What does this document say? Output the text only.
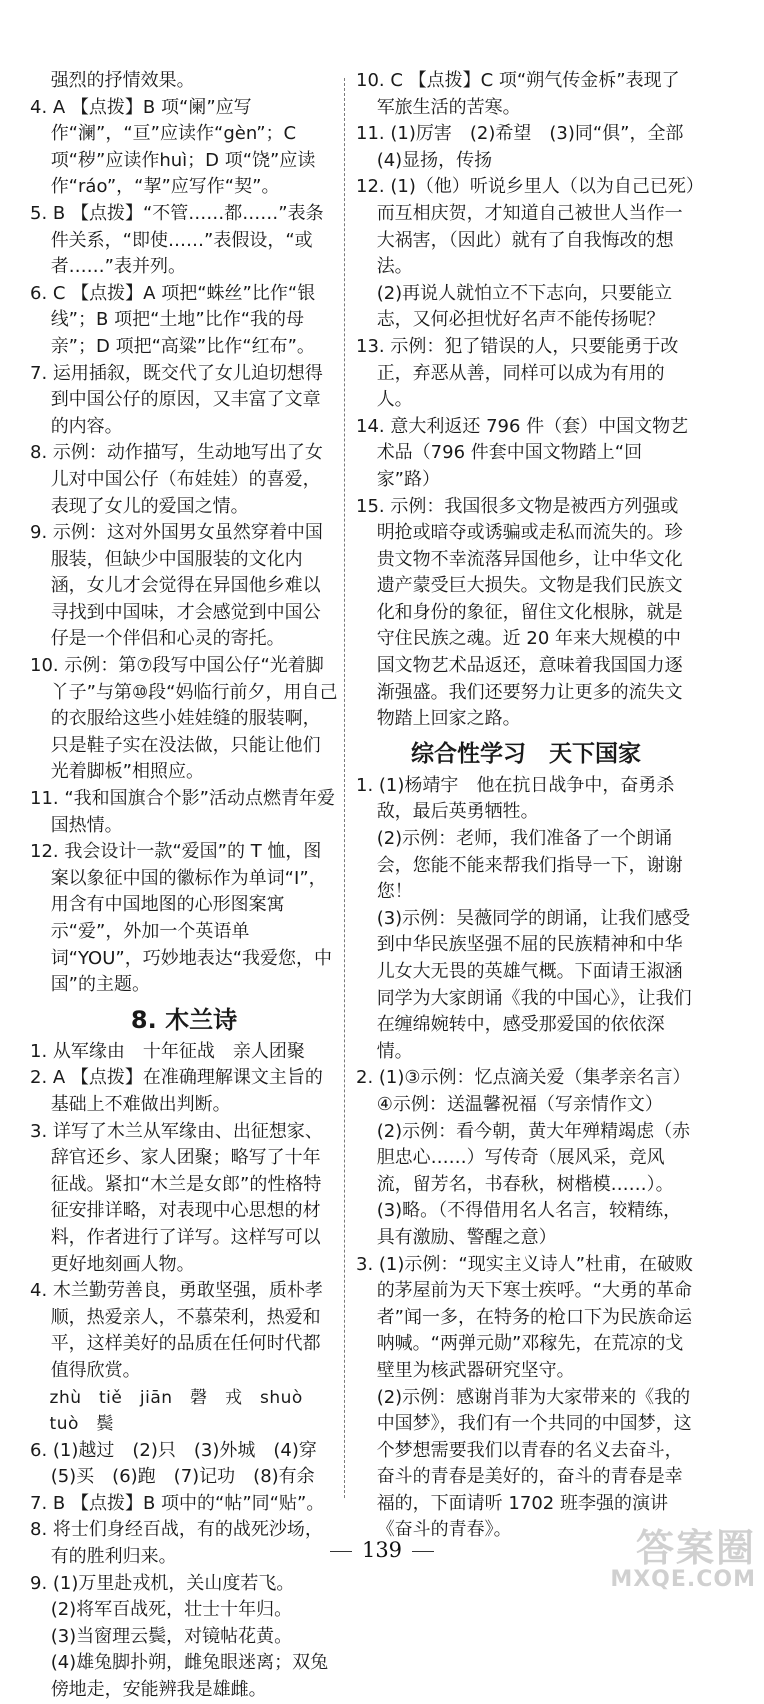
强烈的抒情效果。
4. A 【点拨】B 项“阑”应写作“澜”，“亘”应读作“gèn”；C 项“秽”应读作huì；D 项“饶”应读作“ráo”，“挈”应写作“契”。
5. B 【点拨】“不管……都……”表条件关系，“即使……”表假设，“或者……”表并列。
6. C 【点拨】A 项把“蛛丝”比作“银线”；B 项把“土地”比作“我的母亲”；D 项把“高粱”比作“红布”。
7. 运用插叙，既交代了女儿迫切想得到中国公仔的原因，又丰富了文章的内容。
8. 示例：动作描写，生动地写出了女儿对中国公仔（布娃娃）的喜爱，表现了女儿的爱国之情。
9. 示例：这对外国男女虽然穿着中国服装，但缺少中国服装的文化内涵，女儿才会觉得在异国他乡难以寻找到中国味，才会感觉到中国公仔是一个伴侣和心灵的寄托。
10. 示例：第⑦段写中国公仔“光着脚丫子”与第⑩段“妈临行前夕，用自己的衣服给这些小娃娃缝的服装啊，只是鞋子实在没法做，只能让他们光着脚板”相照应。
11. “我和国旗合个影”活动点燃青年爱国热情。
12. 我会设计一款“爱国”的 T 恤，图案以象征中国的徽标作为单词“I”，用含有中国地图的心形图案寓示“爱”，外加一个英语单词“YOU”，巧妙地表达“我爱您，中国”的主题。
8. 木兰诗
1. 从军缘由　十年征战　亲人团聚
2. A 【点拨】在准确理解课文主旨的基础上不难做出判断。
3. 详写了木兰从军缘由、出征想家、辞官还乡、家人团聚；略写了十年征战。紧扣“木兰是女郎”的性格特征安排详略，对表现中心思想的材料，作者进行了详写。这样写可以更好地刻画人物。
4. 木兰勤劳善良，勇敢坚强，质朴孝顺，热爱亲人，不慕荣利，热爱和平，这样美好的品质在任何时代都值得欣赏。
zhù　tiě　jiān　磬　戎　shuò　tuò　鬓
6. (1)越过　(2)只　(3)外城　(4)穿　(5)买　(6)跑　(7)记功　(8)有余
7. B 【点拨】B 项中的“帖”同“贴”。
8. 将士们身经百战，有的战死沙场，有的胜利归来。
9. (1)万里赴戎机，关山度若飞。
(2)将军百战死，壮士十年归。
(3)当窗理云鬓，对镜帖花黄。
(4)雄兔脚扑朔，雌兔眼迷离；双兔傍地走，安能辨我是雄雌。
10. C 【点拨】C 项“朔气传金柝”表现了军旅生活的苦寒。
11. (1)厉害　(2)希望　(3)同“俱”，全部　(4)显扬，传扬
12. (1)（他）听说乡里人（以为自己已死）而互相庆贺，才知道自己被世人当作一大祸害，（因此）就有了自我悔改的想法。
(2)再说人就怕立不下志向，只要能立志，又何必担忧好名声不能传扬呢？
13. 示例：犯了错误的人，只要能勇于改正，弃恶从善，同样可以成为有用的人。
14. 意大利返还 796 件（套）中国文物艺术品（796 件套中国文物踏上“回家”路）
15. 示例：我国很多文物是被西方列强或明抢或暗夺或诱骗或走私而流失的。珍贵文物不幸流落异国他乡，让中华文化遗产蒙受巨大损失。文物是我们民族文化和身份的象征，留住文化根脉，就是守住民族之魂。近 20 年来大规模的中国文物艺术品返还，意味着我国国力逐渐强盛。我们还要努力让更多的流失文物踏上回家之路。
综合性学习　天下国家
1. (1)杨靖宇　他在抗日战争中，奋勇杀敌，最后英勇牺牲。
(2)示例：老师，我们准备了一个朗诵会，您能不能来帮我们指导一下，谢谢您！
(3)示例：吴薇同学的朗诵，让我们感受到中华民族坚强不屈的民族精神和中华儿女大无畏的英雄气概。下面请王淑涵同学为大家朗诵《我的中国心》，让我们在缠绵婉转中，感受那爱国的依依深情。
2. (1)③示例：忆点滴关爱（集孝亲名言）
④示例：送温馨祝福（写亲情作文）
(2)示例：看今朝，黄大年殚精竭虑（赤胆忠心……）写传奇（展风采，竞风流，留芳名，书春秋，树楷模……）。
(3)略。（不得借用名人名言，较精练，具有激励、警醒之意）
3. (1)示例：“现实主义诗人”杜甫，在破败的茅屋前为天下寒士疾呼。“大勇的革命者”闻一多，在特务的枪口下为民族命运呐喊。“两弹元勋”邓稼先，在荒凉的戈壁里为核武器研究坚守。
(2)示例：感谢肖菲为大家带来的《我的中国梦》，我们有一个共同的中国梦，这个梦想需要我们以青春的名义去奋斗，奋斗的青春是美好的，奋斗的青春是幸福的，下面请听 1702 班李强的演讲《奋斗的青春》。
139	答案圈
MXQE.COM
